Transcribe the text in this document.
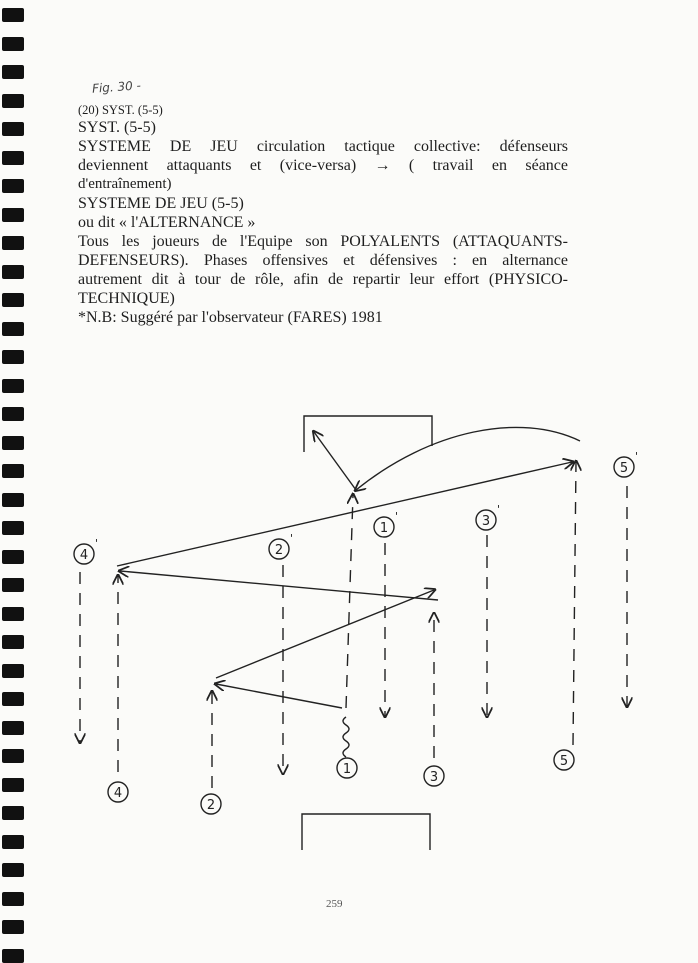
Fig. 30 -
(20) SYST. (5-5)

SYST. (5-5)

SYSTEME DE JEU circulation tactique collective: défenseurs

deviennent attaquants et (vice-versa) → ( travail en séance

d'entraînement)

SYSTEME DE JEU (5-5)

ou dit « l'ALTERNANCE »

Tous les joueurs de l'Equipe son POLYALENTS (ATTAQUANTS-

DEFENSEURS). Phases offensives et défensives : en alternance

autrement dit à tour de rôle, afin de repartir leur effort (PHYSICO-

TECHNIQUE)

*N.B: Suggéré par l'observateur (FARES) 1981

4
'	2
'
1
'	3
'
5
'
4
2
1
3
5
259
